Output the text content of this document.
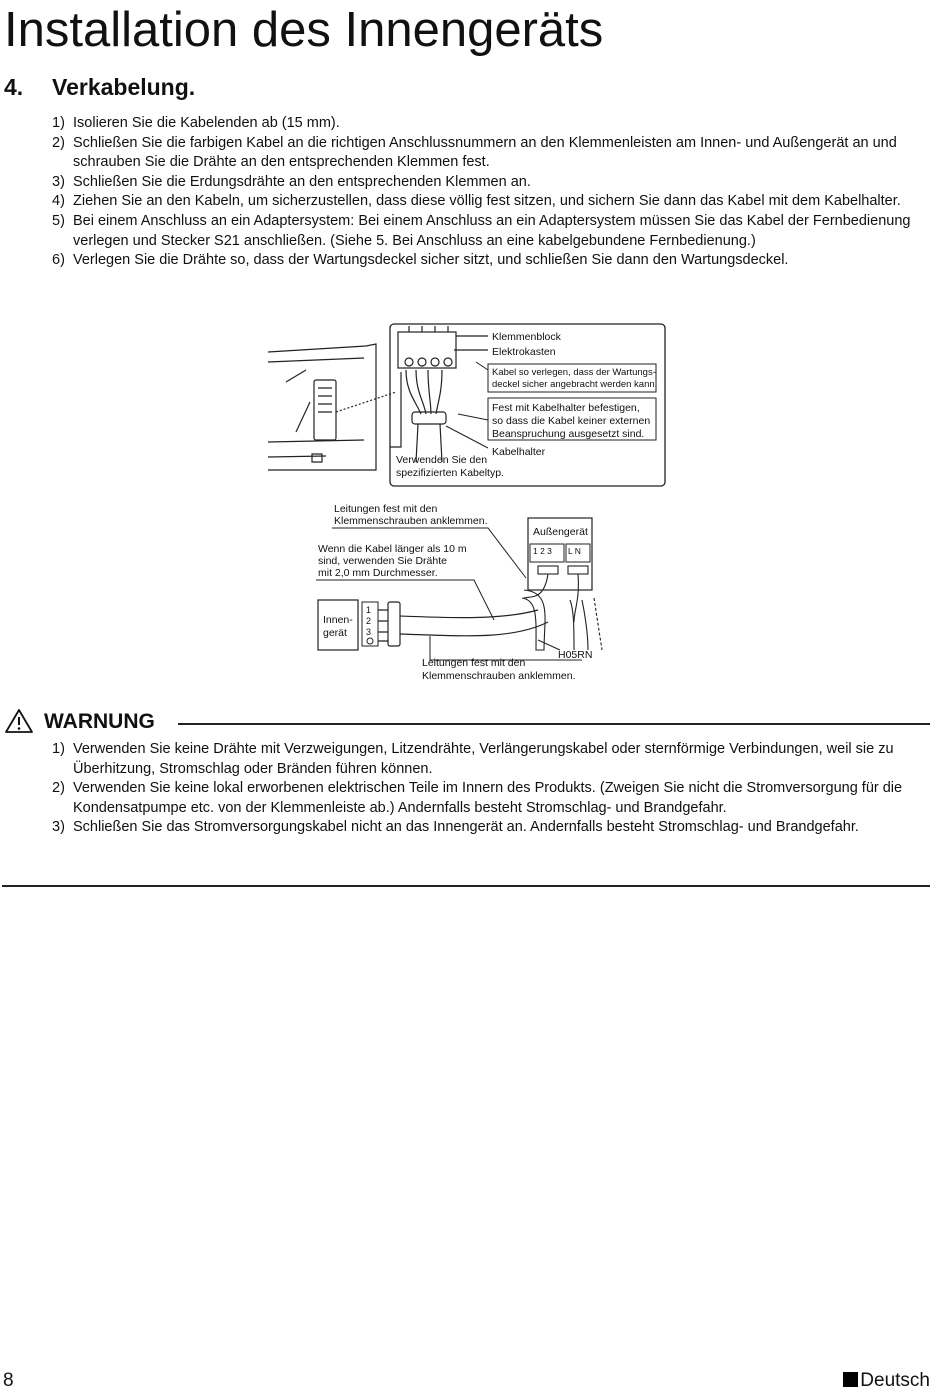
Installation des Innengeräts
4. Verkabelung.
1) Isolieren Sie die Kabelenden ab (15 mm).
2) Schließen Sie die farbigen Kabel an die richtigen Anschlussnummern an den Klemmenleisten am Innen- und Außengerät an und schrauben Sie die Drähte an den entsprechenden Klemmen fest.
3) Schließen Sie die Erdungsdrähte an den entsprechenden Klemmen an.
4) Ziehen Sie an den Kabeln, um sicherzustellen, dass diese völlig fest sitzen, und sichern Sie dann das Kabel mit dem Kabelhalter.
5) Bei einem Anschluss an ein Adaptersystem: Bei einem Anschluss an ein Adaptersystem müssen Sie das Kabel der Fernbedienung verlegen und Stecker S21 anschließen. (Siehe 5. Bei Anschluss an eine kabelgebundene Fernbedienung.)
6) Verlegen Sie die Drähte so, dass der Wartungsdeckel sicher sitzt, und schließen Sie dann den Wartungsdeckel.
Klemmenblock
Elektrokasten
Kabel so verlegen, dass der Wartungs-
deckel sicher angebracht werden kann.
Fest mit Kabelhalter befestigen,
so dass die Kabel keiner externen
Beanspruchung ausgesetzt sind.
Kabelhalter
Verwenden Sie den
spezifizierten Kabeltyp.
Leitungen fest mit den
Klemmenschrauben anklemmen.
Wenn die Kabel länger als 10 m
sind, verwenden Sie Drähte
mit 2,0 mm Durchmesser.
Außengerät
1 2 3 L N
Innen-
gerät
1
2
3
H05RN
Leitungen fest mit den
Klemmenschrauben anklemmen.
WARNUNG
1) Verwenden Sie keine Drähte mit Verzweigungen, Litzendrähte, Verlängerungskabel oder sternförmige Verbindungen, weil sie zu Überhitzung, Stromschlag oder Bränden führen können.
2) Verwenden Sie keine lokal erworbenen elektrischen Teile im Innern des Produkts. (Zweigen Sie nicht die Stromversorgung für die Kondensatpumpe etc. von der Klemmenleiste ab.) Andernfalls besteht Stromschlag- und Brandgefahr.
3) Schließen Sie das Stromversorgungskabel nicht an das Innengerät an. Andernfalls besteht Stromschlag- und Brandgefahr.
8	Deutsch
